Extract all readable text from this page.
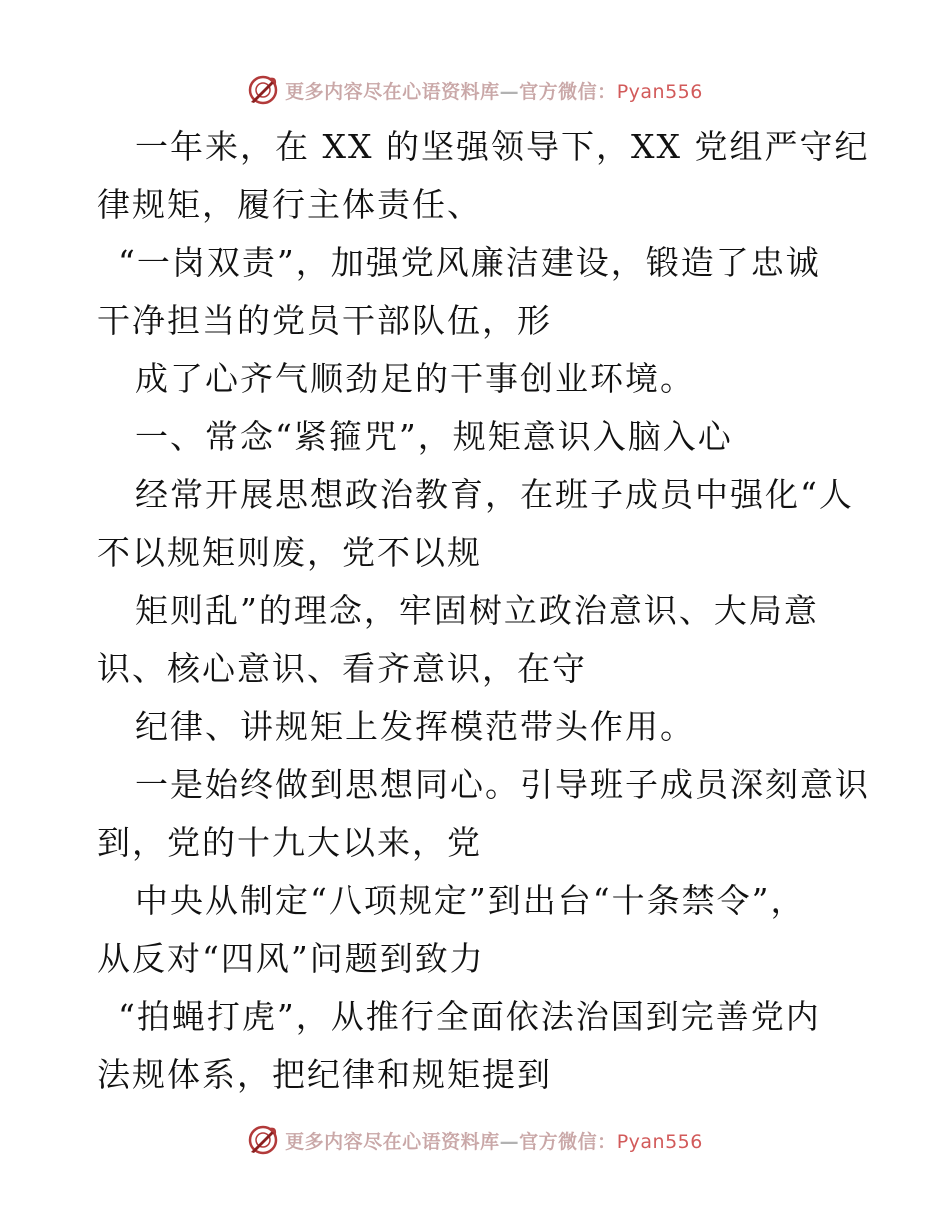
更多内容尽在心语资料库—官方微信：Pyan556
一年来，在 XX 的坚强领导下，XX 党组严守纪
律规矩，履行主体责任、
“一岗双责”，加强党风廉洁建设，锻造了忠诚
干净担当的党员干部队伍，形
成了心齐气顺劲足的干事创业环境。
一、常念“紧箍咒”，规矩意识入脑入心
经常开展思想政治教育，在班子成员中强化“人
不以规矩则废，党不以规
矩则乱”的理念，牢固树立政治意识、大局意
识、核心意识、看齐意识，在守
纪律、讲规矩上发挥模范带头作用。
一是始终做到思想同心。引导班子成员深刻意识
到，党的十九大以来，党
中央从制定“八项规定”到出台“十条禁令”，
从反对“四风”问题到致力
“拍蝇打虎”，从推行全面依法治国到完善党内
法规体系，把纪律和规矩提到
更多内容尽在心语资料库—官方微信：Pyan556
